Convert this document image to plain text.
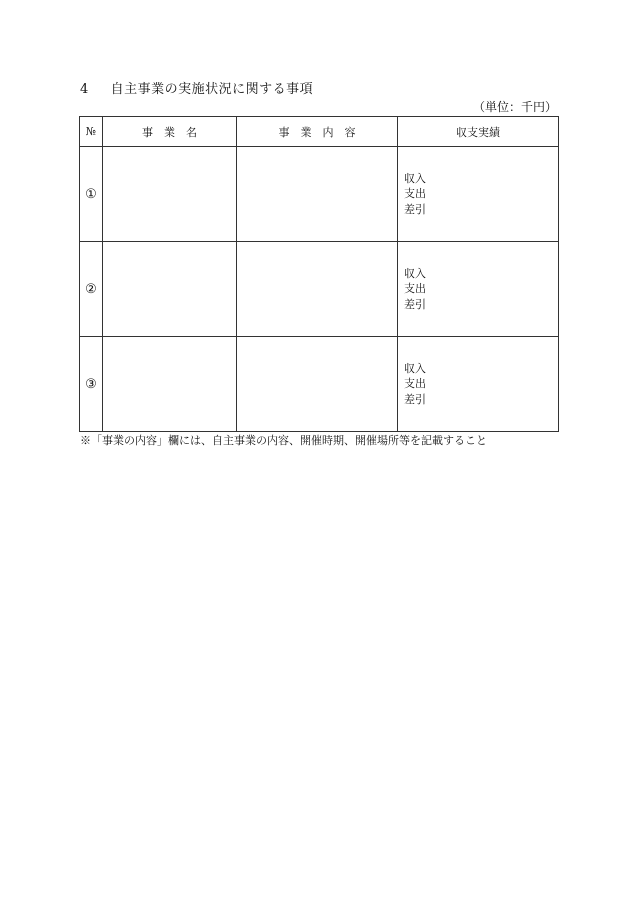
4 自主事業の実施状況に関する事項
（単位：千円）
№	事　業　名	事　業　内　容	収支実績
①			収入
支出
差引

②			収入
支出
差引

③			収入
支出
差引
※「事業の内容」欄には、自主事業の内容、開催時期、開催場所等を記載すること
